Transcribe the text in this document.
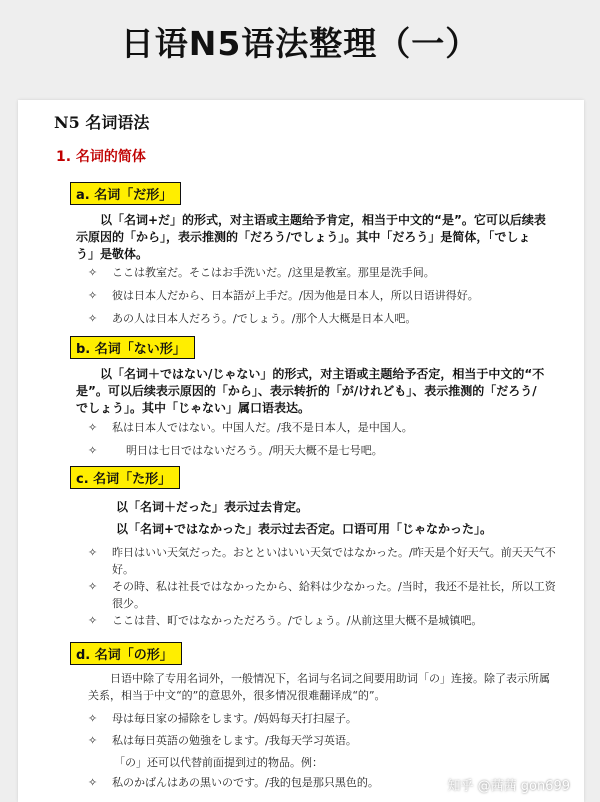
日语N5语法整理（一）
N5 名词语法
1. 名词的简体
a. 名词「だ形」
以「名词+だ」的形式，对主语或主题给予肯定，相当于中文的“是”。它可以后续表示原因的「から」，表示推测的「だろう/でしょう」。其中「だろう」是简体，「でしょう」是敬体。
✧ ここは教室だ。そこはお手洗いだ。/这里是教室。那里是洗手间。
✧ 彼は日本人だから、日本語が上手だ。/因为他是日本人，所以日语讲得好。
✧ あの人は日本人だろう。/でしょう。/那个人大概是日本人吧。
b. 名词「ない形」
以「名词＋ではない/じゃない」的形式，对主语或主题给予否定，相当于中文的“不是”。可以后续表示原因的「から」、表示转折的「が/けれども」、表示推测的「だろう/でしょう」。其中「じゃない」属口语表达。
✧ 私は日本人ではない。中国人だ。/我不是日本人，是中国人。
✧	明日は七日ではないだろう。/明天大概不是七号吧。
c. 名词「た形」
以「名词＋だった」表示过去肯定。
以「名词+ではなかった」表示过去否定。口语可用「じゃなかった」。
✧ 昨日はいい天気だった。おとといはいい天気ではなかった。/昨天是个好天气。前天天气不好。
✧ その時、私は社長ではなかったから、給料は少なかった。/当时，我还不是社长，所以工资很少。
✧ ここは昔、町ではなかっただろう。/でしょう。/从前这里大概不是城镇吧。
d. 名词「の形」
日语中除了专用名词外，一般情况下，名词与名词之间要用助词「の」连接。除了表示所属关系，相当于中文“的”的意思外，很多情况很难翻译成“的”。
✧ 母は毎日家の掃除をします。/妈妈每天打扫屋子。
✧ 私は毎日英語の勉強をします。/我每天学习英语。
「の」还可以代替前面提到过的物品。例：
✧ 私のかばんはあの黒いのです。/我的包是那只黑色的。	知乎 @茜茜 gon699
